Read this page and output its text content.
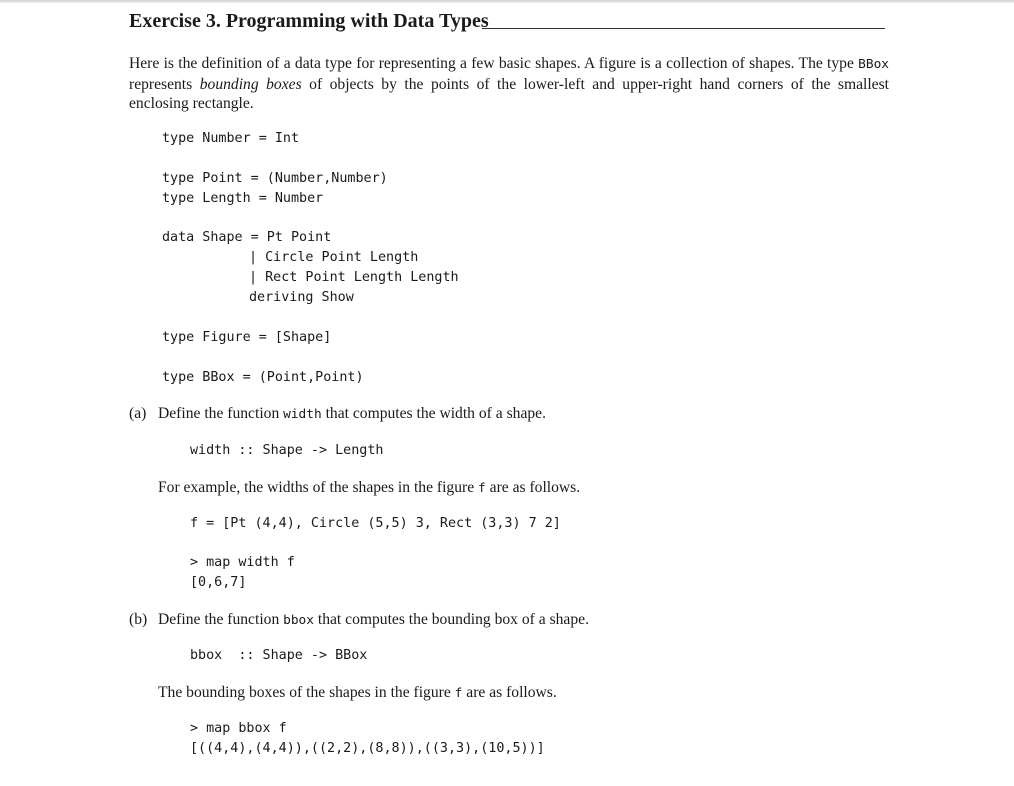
Exercise 3. Programming with Data Types
Here is the definition of a data type for representing a few basic shapes. A figure is a collection of shapes. The type BBox represents bounding boxes of objects by the points of the lower-left and upper-right hand corners of the smallest enclosing rectangle.
type Number = Int
type Point = (Number,Number)
type Length = Number
data Shape = Pt Point
| Circle Point Length
| Rect Point Length Length
deriving Show
type Figure = [Shape]
type BBox = (Point,Point)
(a) Define the function width that computes the width of a shape.
width :: Shape -> Length
For example, the widths of the shapes in the figure f are as follows.
f = [Pt (4,4), Circle (5,5) 3, Rect (3,3) 7 2]
> map width f
[0,6,7]
(b) Define the function bbox that computes the bounding box of a shape.
bbox  :: Shape -> BBox
The bounding boxes of the shapes in the figure f are as follows.
> map bbox f
[((4,4),(4,4)),((2,2),(8,8)),((3,3),(10,5))]
